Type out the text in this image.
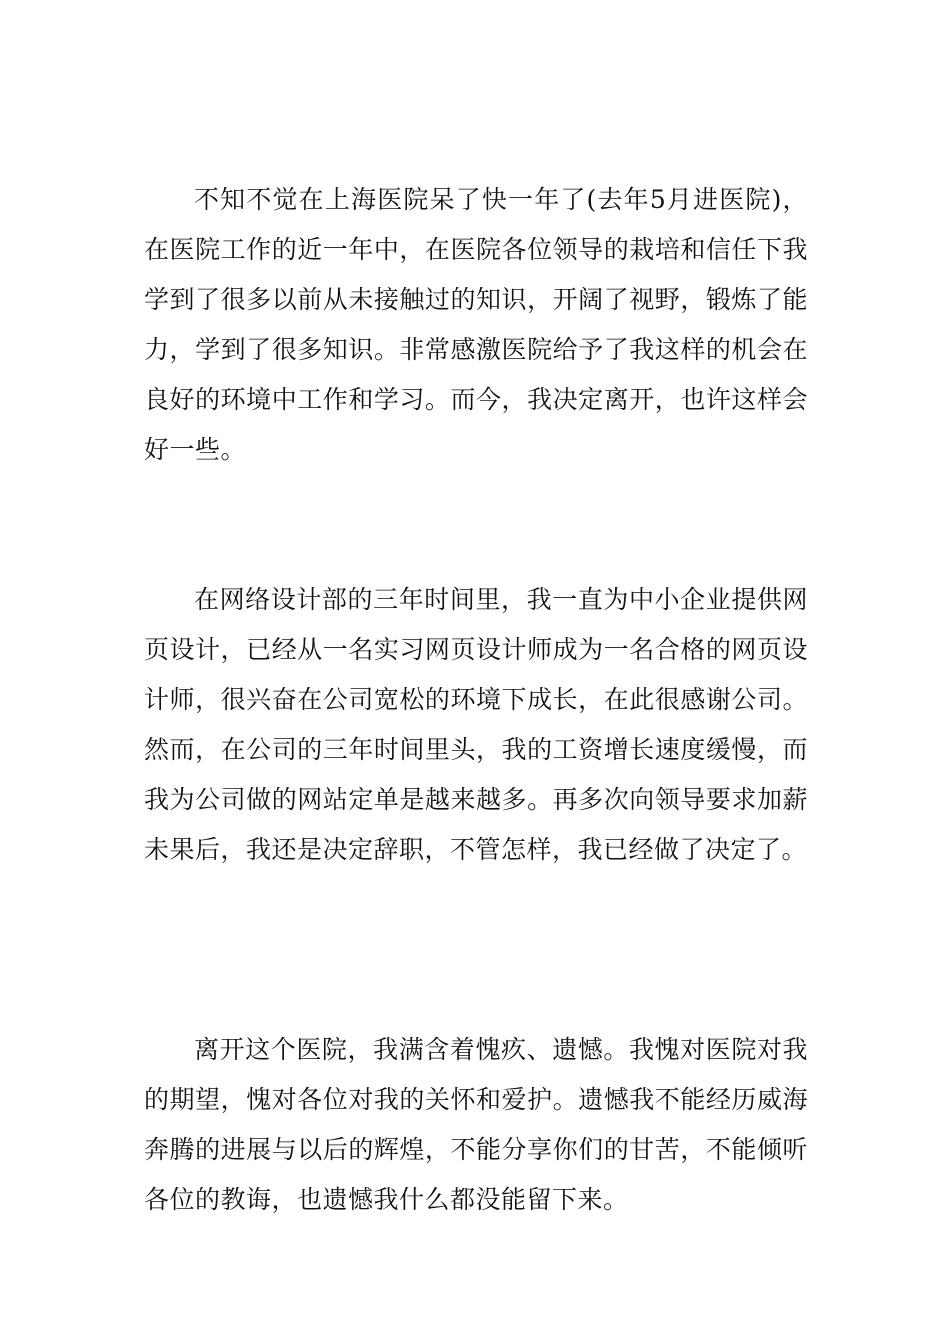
不知不觉在上海医院呆了快一年了(去年5月进医院)，在医院工作的近一年中，在医院各位领导的栽培和信任下我学到了很多以前从未接触过的知识，开阔了视野，锻炼了能力，学到了很多知识。非常感激医院给予了我这样的机会在良好的环境中工作和学习。而今，我决定离开，也许这样会好一些。

在网络设计部的三年时间里，我一直为中小企业提供网页设计，已经从一名实习网页设计师成为一名合格的网页设计师，很兴奋在公司宽松的环境下成长，在此很感谢公司。然而，在公司的三年时间里头，我的工资增长速度缓慢，而我为公司做的网站定单是越来越多。再多次向领导要求加薪未果后，我还是决定辞职，不管怎样，我已经做了决定了。

离开这个医院，我满含着愧疚、遗憾。我愧对医院对我的期望，愧对各位对我的关怀和爱护。遗憾我不能经历威海奔腾的进展与以后的辉煌，不能分享你们的甘苦，不能倾听各位的教诲，也遗憾我什么都没能留下来。
